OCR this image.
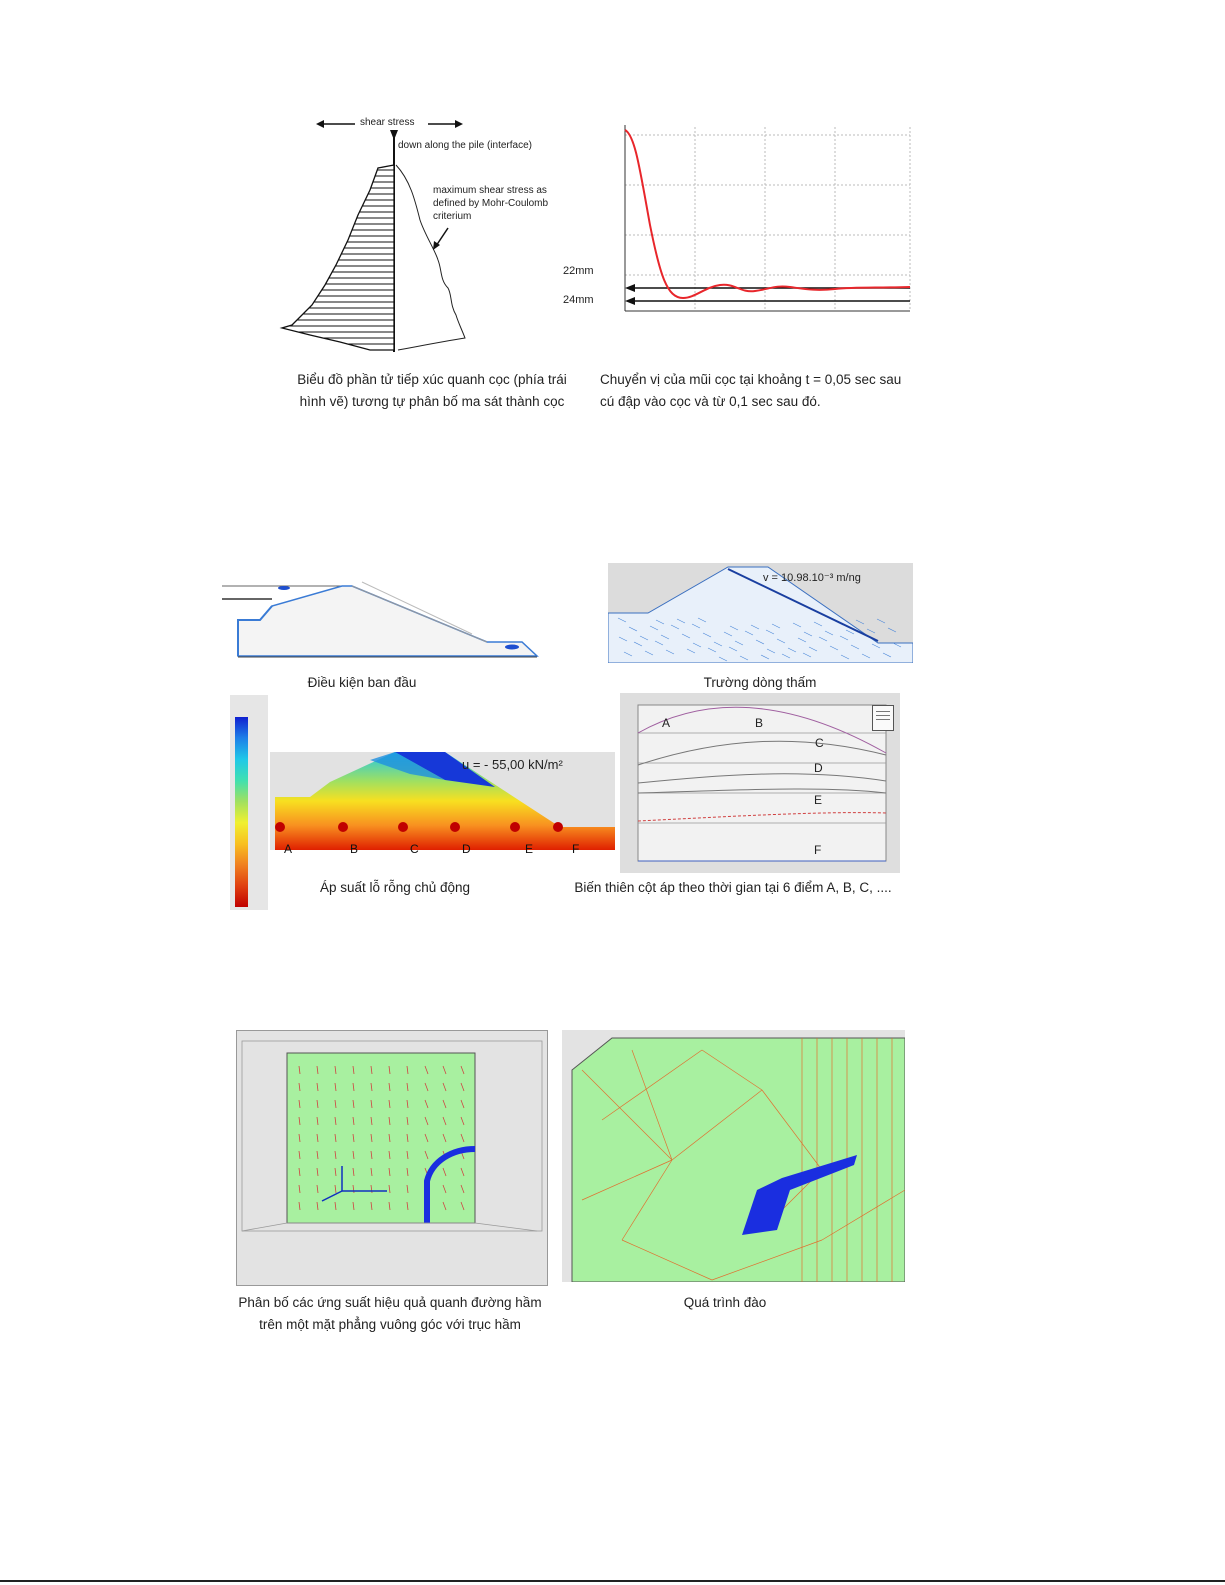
shear stress
down along the pile (interface)
maximum shear stress as
defined by Mohr-Coulomb
criterium
Biểu đồ phần tử tiếp xúc quanh cọc (phía trái
hình vẽ) tương tự phân bố ma sát thành cọc
22mm
24mm
Chuyển vị của mũi cọc tại khoảng t = 0,05 sec sau
cú đập vào cọc và từ 0,1 sec sau đó.
Điều kiện ban đầu
v = 10.98.10⁻³ m/ng
Trường dòng thấm
u = - 55,00 kN/m²
A	B	C	D	E	F
Áp suất lỗ rỗng chủ động
A	B
C
D
E
F
Biến thiên cột áp theo thời gian tại 6 điểm A, B, C, ....
Phân bố các ứng suất hiệu quả quanh đường hầm
trên một mặt phẳng vuông góc với trục hầm
Quá trình đào
